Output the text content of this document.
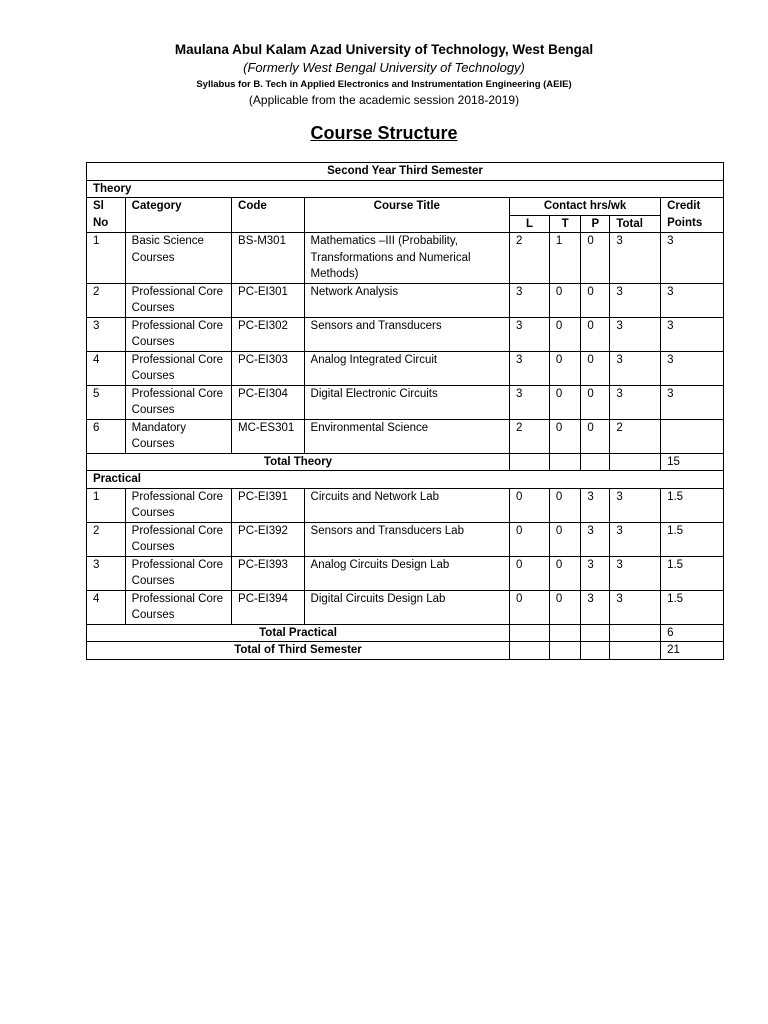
Maulana Abul Kalam Azad University of Technology, West Bengal
(Formerly West Bengal University of Technology)
Syllabus for B. Tech in Applied Electronics and Instrumentation Engineering (AEIE)
(Applicable from the academic session 2018-2019)
Course Structure
Second Year Third Semester								
Theory								
Sl No	Category	Code	Course Title	Contact hrs/wk				Credit Points
				L	T	P	Total	
1	Basic Science Courses	BS-M301	Mathematics –III (Probability, Transformations and Numerical Methods)	2	1	0	3	3
2	Professional Core Courses	PC-EI301	Network Analysis	3	0	0	3	3
3	Professional Core Courses	PC-EI302	Sensors and Transducers	3	0	0	3	3
4	Professional Core Courses	PC-EI303	Analog Integrated Circuit	3	0	0	3	3
5	Professional Core Courses	PC-EI304	Digital Electronic Circuits	3	0	0	3	3
6	Mandatory Courses	MC-ES301	Environmental Science	2	0	0	2	
Total Theory								15
Practical								
1	Professional Core Courses	PC-EI391	Circuits and Network Lab	0	0	3	3	1.5
2	Professional Core Courses	PC-EI392	Sensors and Transducers Lab	0	0	3	3	1.5
3	Professional Core Courses	PC-EI393	Analog Circuits Design Lab	0	0	3	3	1.5
4	Professional Core Courses	PC-EI394	Digital Circuits Design Lab	0	0	3	3	1.5
Total Practical								6
Total of Third Semester								21
